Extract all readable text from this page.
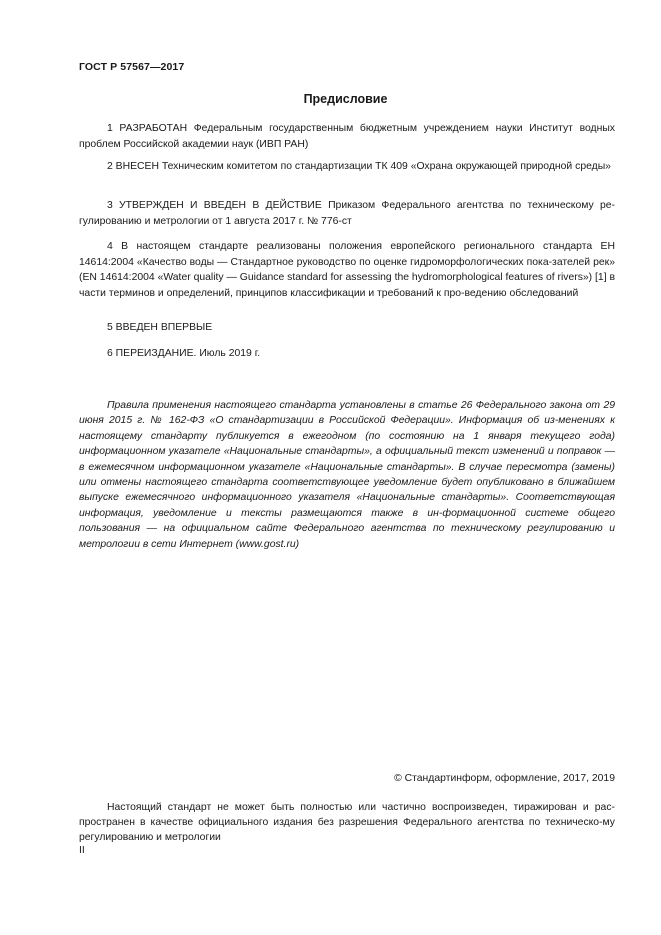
ГОСТ Р 57567—2017
Предисловие

1 РАЗРАБОТАН Федеральным государственным бюджетным учреждением науки Институт водных проблем Российской академии наук (ИВП РАН)

2 ВНЕСЕН Техническим комитетом по стандартизации ТК 409 «Охрана окружающей природной среды»

3 УТВЕРЖДЕН И ВВЕДЕН В ДЕЙСТВИЕ Приказом Федерального агентства по техническому ре-гулированию и метрологии от 1 августа 2017 г. № 776-ст

4 В настоящем стандарте реализованы положения европейского регионального стандарта ЕН 14614:2004 «Качество воды — Стандартное руководство по оценке гидроморфологических пока-зателей рек» (EN 14614:2004 «Water quality — Guidance standard for assessing the hydromorphological features of rivers») [1] в части терминов и определений, принципов классификации и требований к про-ведению обследований

5 ВВЕДЕН ВПЕРВЫЕ

6 ПЕРЕИЗДАНИЕ. Июль 2019 г.

Правила применения настоящего стандарта установлены в статье 26 Федерального закона от 29 июня 2015 г. № 162-ФЗ «О стандартизации в Российской Федерации». Информация об из-менениях к настоящему стандарту публикуется в ежегодном (по состоянию на 1 января текущего года) информационном указателе «Национальные стандарты», а официальный текст изменений и поправок — в ежемесячном информационном указателе «Национальные стандарты». В случае пересмотра (замены) или отмены настоящего стандарта соответствующее уведомление будет опубликовано в ближайшем выпуске ежемесячного информационного указателя «Национальные стандарты». Соответствующая информация, уведомление и тексты размещаются также в ин-формационной системе общего пользования — на официальном сайте Федерального агентства по техническому регулированию и метрологии в сети Интернет (www.gost.ru)

© Стандартинформ, оформление, 2017, 2019

Настоящий стандарт не может быть полностью или частично воспроизведен, тиражирован и рас-пространен в качестве официального издания без разрешения Федерального агентства по техническо-му регулированию и метрологии

II
